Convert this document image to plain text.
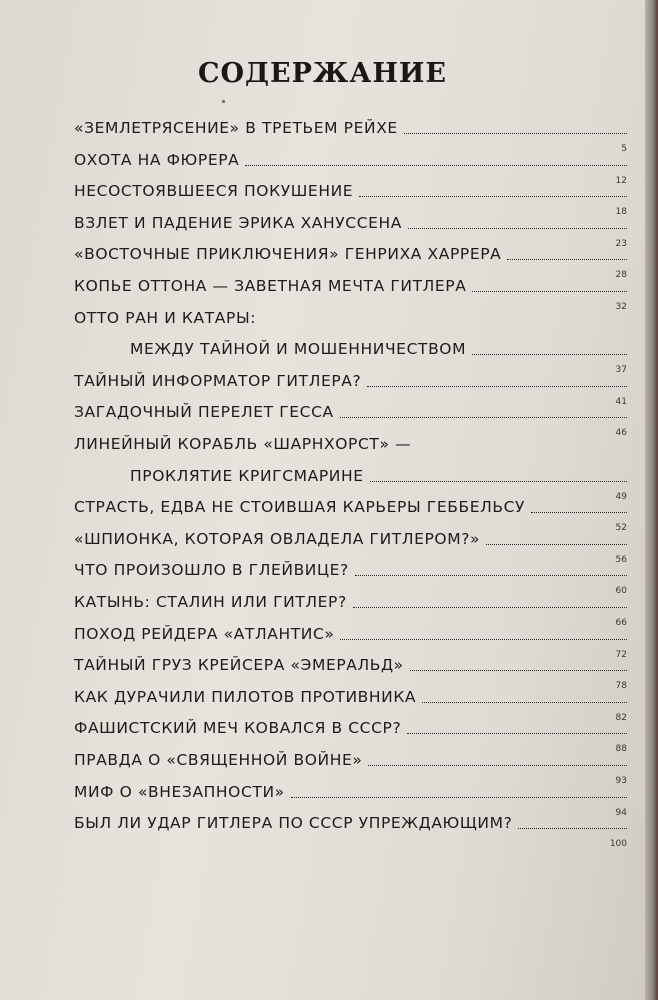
СОДЕРЖАНИЕ
«ЗЕМЛЕТРЯСЕНИЕ» В ТРЕТЬЕМ РЕЙХЕ
5
ОХОТА НА ФЮРЕРА
12
НЕСОСТОЯВШЕЕСЯ ПОКУШЕНИЕ
18
ВЗЛЕТ И ПАДЕНИЕ ЭРИКА ХАНУССЕНА
23
«ВОСТОЧНЫЕ ПРИКЛЮЧЕНИЯ» ГЕНРИХА ХАРРЕРА
28
КОПЬЕ ОТТОНА — ЗАВЕТНАЯ МЕЧТА ГИТЛЕРА
32
ОТТО РАН И КАТАРЫ:
МЕЖДУ ТАЙНОЙ И МОШЕННИЧЕСТВОМ
37
ТАЙНЫЙ ИНФОРМАТОР ГИТЛЕРА?
41
ЗАГАДОЧНЫЙ ПЕРЕЛЕТ ГЕССА
46
ЛИНЕЙНЫЙ КОРАБЛЬ «ШАРНХОРСТ» —
ПРОКЛЯТИЕ КРИГСМАРИНЕ
49
СТРАСТЬ, ЕДВА НЕ СТОИВШАЯ КАРЬЕРЫ ГЕББЕЛЬСУ
52
«ШПИОНКА, КОТОРАЯ ОВЛАДЕЛА ГИТЛЕРОМ?»
56
ЧТО ПРОИЗОШЛО В ГЛЕЙВИЦЕ?
60
КАТЫНЬ: СТАЛИН ИЛИ ГИТЛЕР?
66
ПОХОД РЕЙДЕРА «АТЛАНТИС»
72
ТАЙНЫЙ ГРУЗ КРЕЙСЕРА «ЭМЕРАЛЬД»
78
КАК ДУРАЧИЛИ ПИЛОТОВ ПРОТИВНИКА
82
ФАШИСТСКИЙ МЕЧ КОВАЛСЯ В СССР?
88
ПРАВДА О «СВЯЩЕННОЙ ВОЙНЕ»
93
МИФ О «ВНЕЗАПНОСТИ»
94
БЫЛ ЛИ УДАР ГИТЛЕРА ПО СССР УПРЕЖДАЮЩИМ?
100
